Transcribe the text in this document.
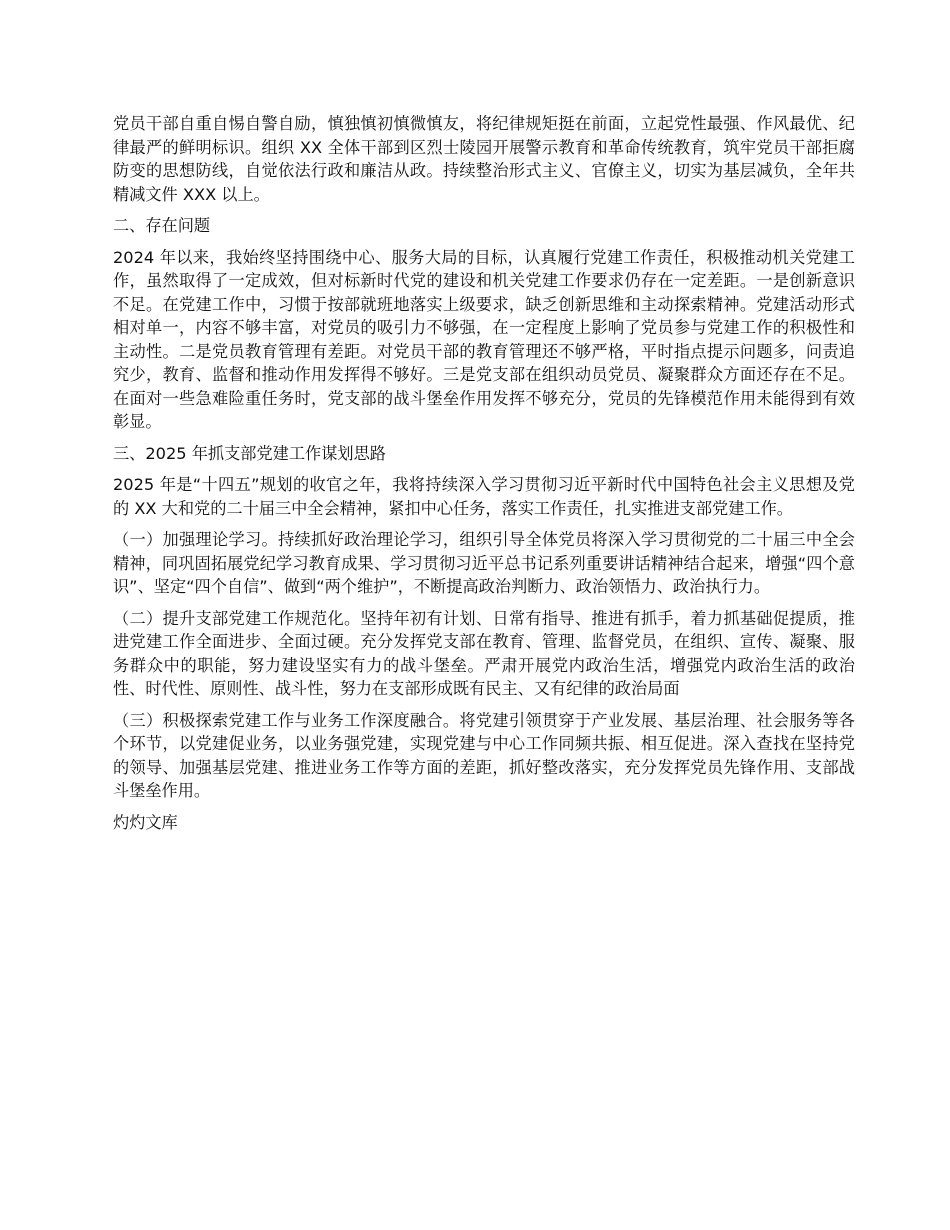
党员干部自重自惕自警自励，慎独慎初慎微慎友，将纪律规矩挺在前面，立起党性最强、作风最优、纪律最严的鲜明标识。组织 XX 全体干部到区烈士陵园开展警示教育和革命传统教育，筑牢党员干部拒腐防变的思想防线，自觉依法行政和廉洁从政。持续整治形式主义、官僚主义，切实为基层减负，全年共精减文件 XXX 以上。

二、存在问题

2024 年以来，我始终坚持围绕中心、服务大局的目标，认真履行党建工作责任，积极推动机关党建工作，虽然取得了一定成效，但对标新时代党的建设和机关党建工作要求仍存在一定差距。一是创新意识不足。在党建工作中，习惯于按部就班地落实上级要求，缺乏创新思维和主动探索精神。党建活动形式相对单一，内容不够丰富，对党员的吸引力不够强，在一定程度上影响了党员参与党建工作的积极性和主动性。二是党员教育管理有差距。对党员干部的教育管理还不够严格，平时指点提示问题多，问责追究少，教育、监督和推动作用发挥得不够好。三是党支部在组织动员党员、凝聚群众方面还存在不足。在面对一些急难险重任务时，党支部的战斗堡垒作用发挥不够充分，党员的先锋模范作用未能得到有效彰显。

三、2025 年抓支部党建工作谋划思路

2025 年是“十四五”规划的收官之年，我将持续深入学习贯彻习近平新时代中国特色社会主义思想及党的 XX 大和党的二十届三中全会精神，紧扣中心任务，落实工作责任，扎实推进支部党建工作。

（一）加强理论学习。持续抓好政治理论学习，组织引导全体党员将深入学习贯彻党的二十届三中全会精神，同巩固拓展党纪学习教育成果、学习贯彻习近平总书记系列重要讲话精神结合起来，增强“四个意识”、坚定“四个自信”、做到“两个维护”，不断提高政治判断力、政治领悟力、政治执行力。

（二）提升支部党建工作规范化。坚持年初有计划、日常有指导、推进有抓手，着力抓基础促提质，推进党建工作全面进步、全面过硬。充分发挥党支部在教育、管理、监督党员，在组织、宣传、凝聚、服务群众中的职能，努力建设坚实有力的战斗堡垒。严肃开展党内政治生活，增强党内政治生活的政治性、时代性、原则性、战斗性，努力在支部形成既有民主、又有纪律的政治局面

（三）积极探索党建工作与业务工作深度融合。将党建引领贯穿于产业发展、基层治理、社会服务等各个环节，以党建促业务，以业务强党建，实现党建与中心工作同频共振、相互促进。深入查找在坚持党的领导、加强基层党建、推进业务工作等方面的差距，抓好整改落实，充分发挥党员先锋作用、支部战斗堡垒作用。

灼灼文库
